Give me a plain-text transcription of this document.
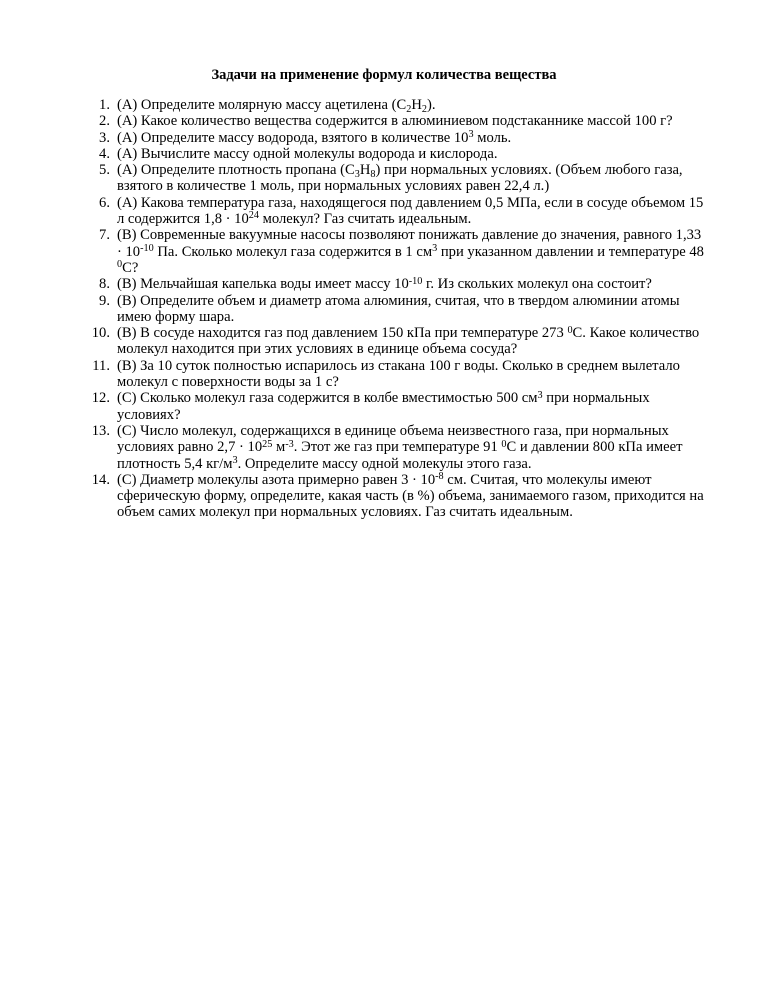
Задачи на применение формул количества вещества
1. (А) Определите молярную массу ацетилена $(C_2H_2)$.
2. (А) Какое количество вещества содержится в алюминиевом подстаканнике массой 100 г?
3. (А) Определите массу водорода, взятого в количестве $10^3$ моль.
4. (А) Вычислите массу одной молекулы водорода и кислорода.
5. (А) Определите плотность пропана $(C_3H_8)$ при нормальных условиях. (Объем любого газа, взятого в количестве 1 моль, при нормальных условиях равен 22,4 л.)
6. (А) Какова температура газа, находящегося под давлением 0,5 МПа, если в сосуде объемом 15 л содержится $1,8 \cdot 10^{24}$ молекул? Газ считать идеальным.
7. (В) Современные вакуумные насосы позволяют понижать давление до значения, равного $1,33 \cdot 10^{-10}$ Па. Сколько молекул газа содержится в 1 $см^3$ при указанном давлении и температуре 48 $^0$С?
8. (В) Мельчайшая капелька воды имеет массу $10^{-10}$ г. Из скольких молекул она состоит?
9. (В) Определите объем и диаметр атома алюминия, считая, что в твердом алюминии атомы имею форму шара.
10. (В) В сосуде находится газ под давлением 150 кПа при температуре 273 $^0$С. Какое количество молекул находится при этих условиях в единице объема сосуда?
11. (В) За 10 суток полностью испарилось из стакана 100 г воды. Сколько в среднем вылетало молекул с поверхности воды за 1 с?
12. (С) Сколько молекул газа содержится в колбе вместимостью 500 $см^3$ при нормальных условиях?
13. (С) Число молекул, содержащихся в единице объема неизвестного газа, при нормальных условиях равно $2,7 \cdot 10^{25}$ $м^{-3}$. Этот же газ при температуре 91 $^0$С и давлении 800 кПа имеет плотность 5,4 $кг/м^3$. Определите массу одной молекулы этого газа.
14. (С) Диаметр молекулы азота примерно равен $3 \cdot 10^{-8}$ см. Считая, что молекулы имеют сферическую форму, определите, какая часть (в %) объема, занимаемого газом, приходится на объем самих молекул при нормальных условиях. Газ считать идеальным.
